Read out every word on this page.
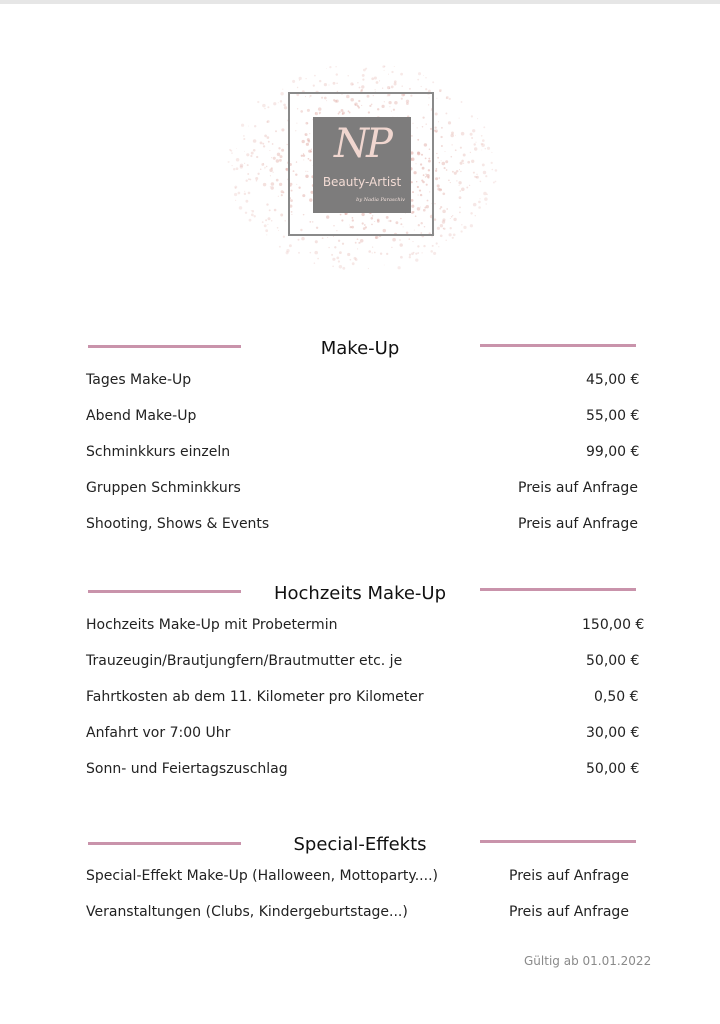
NP
Beauty-Artist
by Nadia Paraschiv
Make-Up
Tages Make-Up	45,00 €
Abend Make-Up	55,00 €
Schminkkurs einzeln	99,00 €
Gruppen Schminkkurs	Preis auf Anfrage
Shooting, Shows & Events	Preis auf Anfrage
Hochzeits Make-Up
Hochzeits Make-Up mit Probetermin	150,00 €
Trauzeugin/Brautjungfern/Brautmutter etc. je	50,00 €
Fahrtkosten ab dem 11. Kilometer pro Kilometer	0,50 €
Anfahrt vor 7:00 Uhr	30,00 €
Sonn- und Feiertagszuschlag	50,00 €
Special-Effekts
Special-Effekt Make-Up (Halloween, Mottoparty....)	Preis auf Anfrage
Veranstaltungen (Clubs, Kindergeburtstage...)	Preis auf Anfrage
Gültig ab 01.01.2022
